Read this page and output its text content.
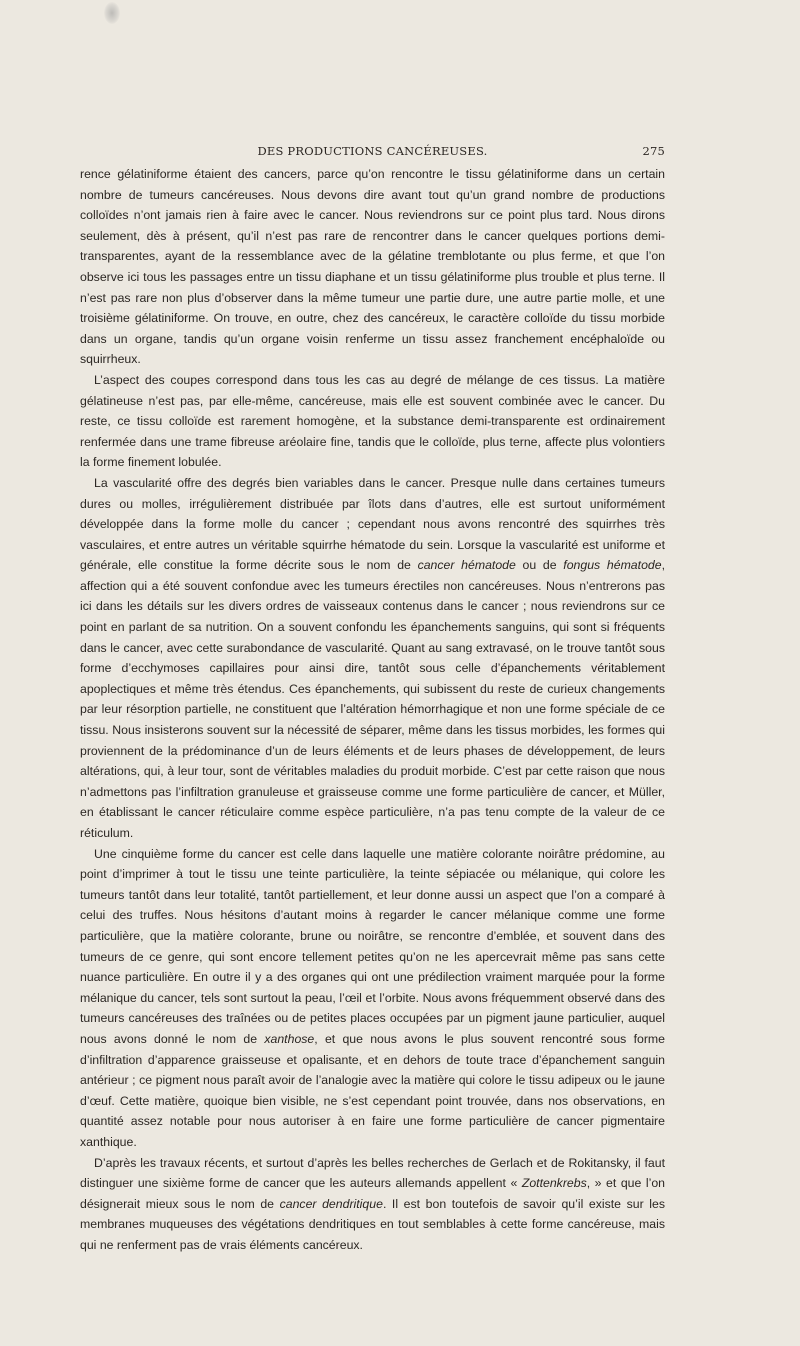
DES PRODUCTIONS CANCÉREUSES.	275

rence gélatiniforme étaient des cancers, parce qu’on rencontre le tissu gélatiniforme dans un certain nombre de tumeurs cancéreuses. Nous devons dire avant tout qu’un grand nombre de productions colloïdes n’ont jamais rien à faire avec le cancer. Nous reviendrons sur ce point plus tard. Nous dirons seulement, dès à présent, qu’il n’est pas rare de rencontrer dans le cancer quelques portions demi-transparentes, ayant de la ressemblance avec de la gélatine tremblotante ou plus ferme, et que l’on observe ici tous les passages entre un tissu diaphane et un tissu gélatiniforme plus trouble et plus terne. Il n’est pas rare non plus d’observer dans la même tumeur une partie dure, une autre partie molle, et une troisième gélatiniforme. On trouve, en outre, chez des cancéreux, le caractère colloïde du tissu morbide dans un organe, tandis qu’un organe voisin renferme un tissu assez franchement encéphaloïde ou squirrheux.

L’aspect des coupes correspond dans tous les cas au degré de mélange de ces tissus. La matière gélatineuse n’est pas, par elle-même, cancéreuse, mais elle est souvent combinée avec le cancer. Du reste, ce tissu colloïde est rarement homogène, et la substance demi-transparente est ordinairement renfermée dans une trame fibreuse aréolaire fine, tandis que le colloïde, plus terne, affecte plus volontiers la forme finement lobulée.

La vascularité offre des degrés bien variables dans le cancer. Presque nulle dans certaines tumeurs dures ou molles, irrégulièrement distribuée par îlots dans d’autres, elle est surtout uniformément développée dans la forme molle du cancer ; cependant nous avons rencontré des squirrhes très vasculaires, et entre autres un véritable squirrhe hématode du sein. Lorsque la vascularité est uniforme et générale, elle constitue la forme décrite sous le nom de cancer hématode ou de fongus hématode, affection qui a été souvent confondue avec les tumeurs érectiles non cancéreuses. Nous n’entrerons pas ici dans les détails sur les divers ordres de vaisseaux contenus dans le cancer ; nous reviendrons sur ce point en parlant de sa nutrition. On a souvent confondu les épanchements sanguins, qui sont si fréquents dans le cancer, avec cette surabondance de vascularité. Quant au sang extravasé, on le trouve tantôt sous forme d’ecchymoses capillaires pour ainsi dire, tantôt sous celle d’épanchements véritablement apoplectiques et même très étendus. Ces épanchements, qui subissent du reste de curieux changements par leur résorption partielle, ne constituent que l’altération hémorrhagique et non une forme spéciale de ce tissu. Nous insisterons souvent sur la nécessité de séparer, même dans les tissus morbides, les formes qui proviennent de la prédominance d’un de leurs éléments et de leurs phases de développement, de leurs altérations, qui, à leur tour, sont de véritables maladies du produit morbide. C’est par cette raison que nous n’admettons pas l’infiltration granuleuse et graisseuse comme une forme particulière de cancer, et Müller, en établissant le cancer réticulaire comme espèce particulière, n’a pas tenu compte de la valeur de ce réticulum.

Une cinquième forme du cancer est celle dans laquelle une matière colorante noirâtre prédomine, au point d’imprimer à tout le tissu une teinte particulière, la teinte sépiacée ou mélanique, qui colore les tumeurs tantôt dans leur totalité, tantôt partiellement, et leur donne aussi un aspect que l’on a comparé à celui des truffes. Nous hésitons d’autant moins à regarder le cancer mélanique comme une forme particulière, que la matière colorante, brune ou noirâtre, se rencontre d’emblée, et souvent dans des tumeurs de ce genre, qui sont encore tellement petites qu’on ne les apercevrait même pas sans cette nuance particulière. En outre il y a des organes qui ont une prédilection vraiment marquée pour la forme mélanique du cancer, tels sont surtout la peau, l’œil et l’orbite. Nous avons fréquemment observé dans des tumeurs cancéreuses des traînées ou de petites places occupées par un pigment jaune particulier, auquel nous avons donné le nom de xanthose, et que nous avons le plus souvent rencontré sous forme d’infiltration d’apparence graisseuse et opalisante, et en dehors de toute trace d’épanchement sanguin antérieur ; ce pigment nous paraît avoir de l’analogie avec la matière qui colore le tissu adipeux ou le jaune d’œuf. Cette matière, quoique bien visible, ne s’est cependant point trouvée, dans nos observations, en quantité assez notable pour nous autoriser à en faire une forme particulière de cancer pigmentaire xanthique.

D’après les travaux récents, et surtout d’après les belles recherches de Gerlach et de Rokitansky, il faut distinguer une sixième forme de cancer que les auteurs allemands appellent « Zottenkrebs, » et que l’on désignerait mieux sous le nom de cancer dendritique. Il est bon toutefois de savoir qu’il existe sur les membranes muqueuses des végétations dendritiques en tout semblables à cette forme cancéreuse, mais qui ne renferment pas de vrais éléments cancéreux.
